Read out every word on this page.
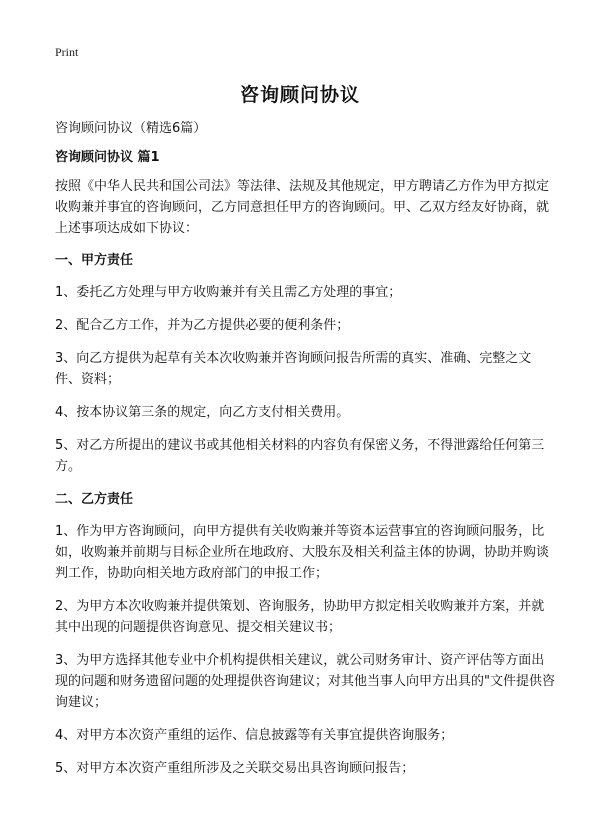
Print
咨询顾问协议

咨询顾问协议（精选6篇）

咨询顾问协议 篇1

按照《中华人民共和国公司法》等法律、法规及其他规定，甲方聘请乙方作为甲方拟定收购兼并事宜的咨询顾问，乙方同意担任甲方的咨询顾问。甲、乙双方经友好协商，就上述事项达成如下协议：

一、甲方责任

1、委托乙方处理与甲方收购兼并有关且需乙方处理的事宜；

2、配合乙方工作，并为乙方提供必要的便利条件；

3、向乙方提供为起草有关本次收购兼并咨询顾问报告所需的真实、准确、完整之文件、资料；

4、按本协议第三条的规定，向乙方支付相关费用。

5、对乙方所提出的建议书或其他相关材料的内容负有保密义务，不得泄露给任何第三方。

二、乙方责任

1、作为甲方咨询顾问，向甲方提供有关收购兼并等资本运营事宜的咨询顾问服务，比如，收购兼并前期与目标企业所在地政府、大股东及相关利益主体的协调，协助并购谈判工作，协助向相关地方政府部门的申报工作；

2、为甲方本次收购兼并提供策划、咨询服务，协助甲方拟定相关收购兼并方案，并就其中出现的问题提供咨询意见、提交相关建议书；

3、为甲方选择其他专业中介机构提供相关建议，就公司财务审计、资产评估等方面出现的问题和财务遗留问题的处理提供咨询建议；对其他当事人向甲方出具的"文件提供咨询建议；

4、对甲方本次资产重组的运作、信息披露等有关事宜提供咨询服务；

5、对甲方本次资产重组所涉及之关联交易出具咨询顾问报告；
